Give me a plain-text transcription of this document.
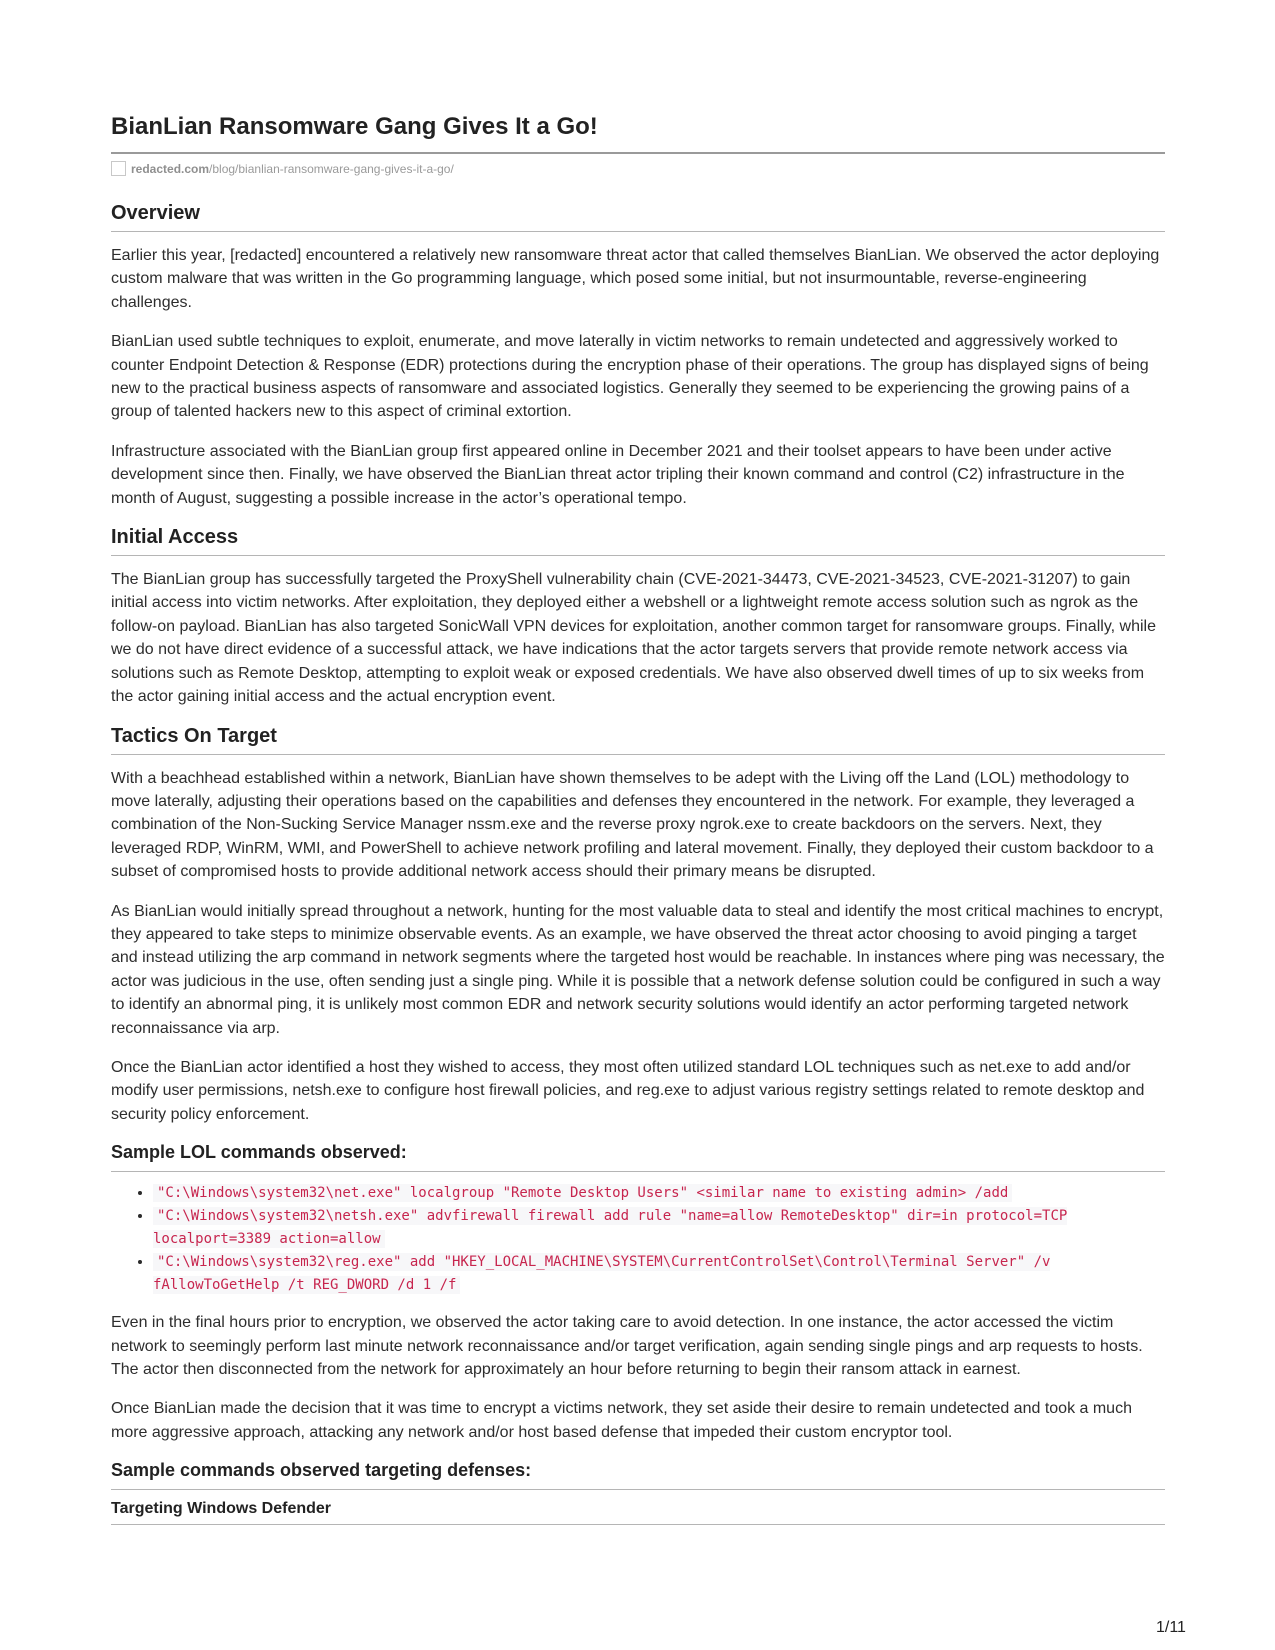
BianLian Ransomware Gang Gives It a Go!
redacted.com /blog/bianlian-ransomware-gang-gives-it-a-go/
Overview

Earlier this year, [redacted] encountered a relatively new ransomware threat actor that called themselves BianLian. We observed the actor deploying custom malware that was written in the Go programming language, which posed some initial, but not insurmountable, reverse-engineering challenges.

BianLian used subtle techniques to exploit, enumerate, and move laterally in victim networks to remain undetected and aggressively worked to counter Endpoint Detection & Response (EDR) protections during the encryption phase of their operations. The group has displayed signs of being new to the practical business aspects of ransomware and associated logistics. Generally they seemed to be experiencing the growing pains of a group of talented hackers new to this aspect of criminal extortion.

Infrastructure associated with the BianLian group first appeared online in December 2021 and their toolset appears to have been under active development since then. Finally, we have observed the BianLian threat actor tripling their known command and control (C2) infrastructure in the month of August, suggesting a possible increase in the actor’s operational tempo.

Initial Access

The BianLian group has successfully targeted the ProxyShell vulnerability chain (CVE-2021-34473, CVE-2021-34523, CVE-2021-31207) to gain initial access into victim networks. After exploitation, they deployed either a webshell or a lightweight remote access solution such as ngrok as the follow-on payload. BianLian has also targeted SonicWall VPN devices for exploitation, another common target for ransomware groups. Finally, while we do not have direct evidence of a successful attack, we have indications that the actor targets servers that provide remote network access via solutions such as Remote Desktop, attempting to exploit weak or exposed credentials. We have also observed dwell times of up to six weeks from the actor gaining initial access and the actual encryption event.

Tactics On Target

With a beachhead established within a network, BianLian have shown themselves to be adept with the Living off the Land (LOL) methodology to move laterally, adjusting their operations based on the capabilities and defenses they encountered in the network. For example, they leveraged a combination of the Non-Sucking Service Manager nssm.exe and the reverse proxy ngrok.exe to create backdoors on the servers. Next, they leveraged RDP, WinRM, WMI, and PowerShell to achieve network profiling and lateral movement. Finally, they deployed their custom backdoor to a subset of compromised hosts to provide additional network access should their primary means be disrupted.

As BianLian would initially spread throughout a network, hunting for the most valuable data to steal and identify the most critical machines to encrypt, they appeared to take steps to minimize observable events. As an example, we have observed the threat actor choosing to avoid pinging a target and instead utilizing the arp command in network segments where the targeted host would be reachable. In instances where ping was necessary, the actor was judicious in the use, often sending just a single ping. While it is possible that a network defense solution could be configured in such a way to identify an abnormal ping, it is unlikely most common EDR and network security solutions would identify an actor performing targeted network reconnaissance via arp.

Once the BianLian actor identified a host they wished to access, they most often utilized standard LOL techniques such as net.exe to add and/or modify user permissions, netsh.exe to configure host firewall policies, and reg.exe to adjust various registry settings related to remote desktop and security policy enforcement.

Sample LOL commands observed:
• "C:\Windows\system32\net.exe" localgroup "Remote Desktop Users" <similar name to existing admin> /add
• "C:\Windows\system32\netsh.exe" advfirewall firewall add rule "name=allow RemoteDesktop" dir=in protocol=TCP localport=3389 action=allow
• "C:\Windows\system32\reg.exe" add "HKEY_LOCAL_MACHINE\SYSTEM\CurrentControlSet\Control\Terminal Server" /v fAllowToGetHelp /t REG_DWORD /d 1 /f

Even in the final hours prior to encryption, we observed the actor taking care to avoid detection. In one instance, the actor accessed the victim network to seemingly perform last minute network reconnaissance and/or target verification, again sending single pings and arp requests to hosts. The actor then disconnected from the network for approximately an hour before returning to begin their ransom attack in earnest.

Once BianLian made the decision that it was time to encrypt a victims network, they set aside their desire to remain undetected and took a much more aggressive approach, attacking any network and/or host based defense that impeded their custom encryptor tool.

Sample commands observed targeting defenses:
Targeting Windows Defender
1/11
